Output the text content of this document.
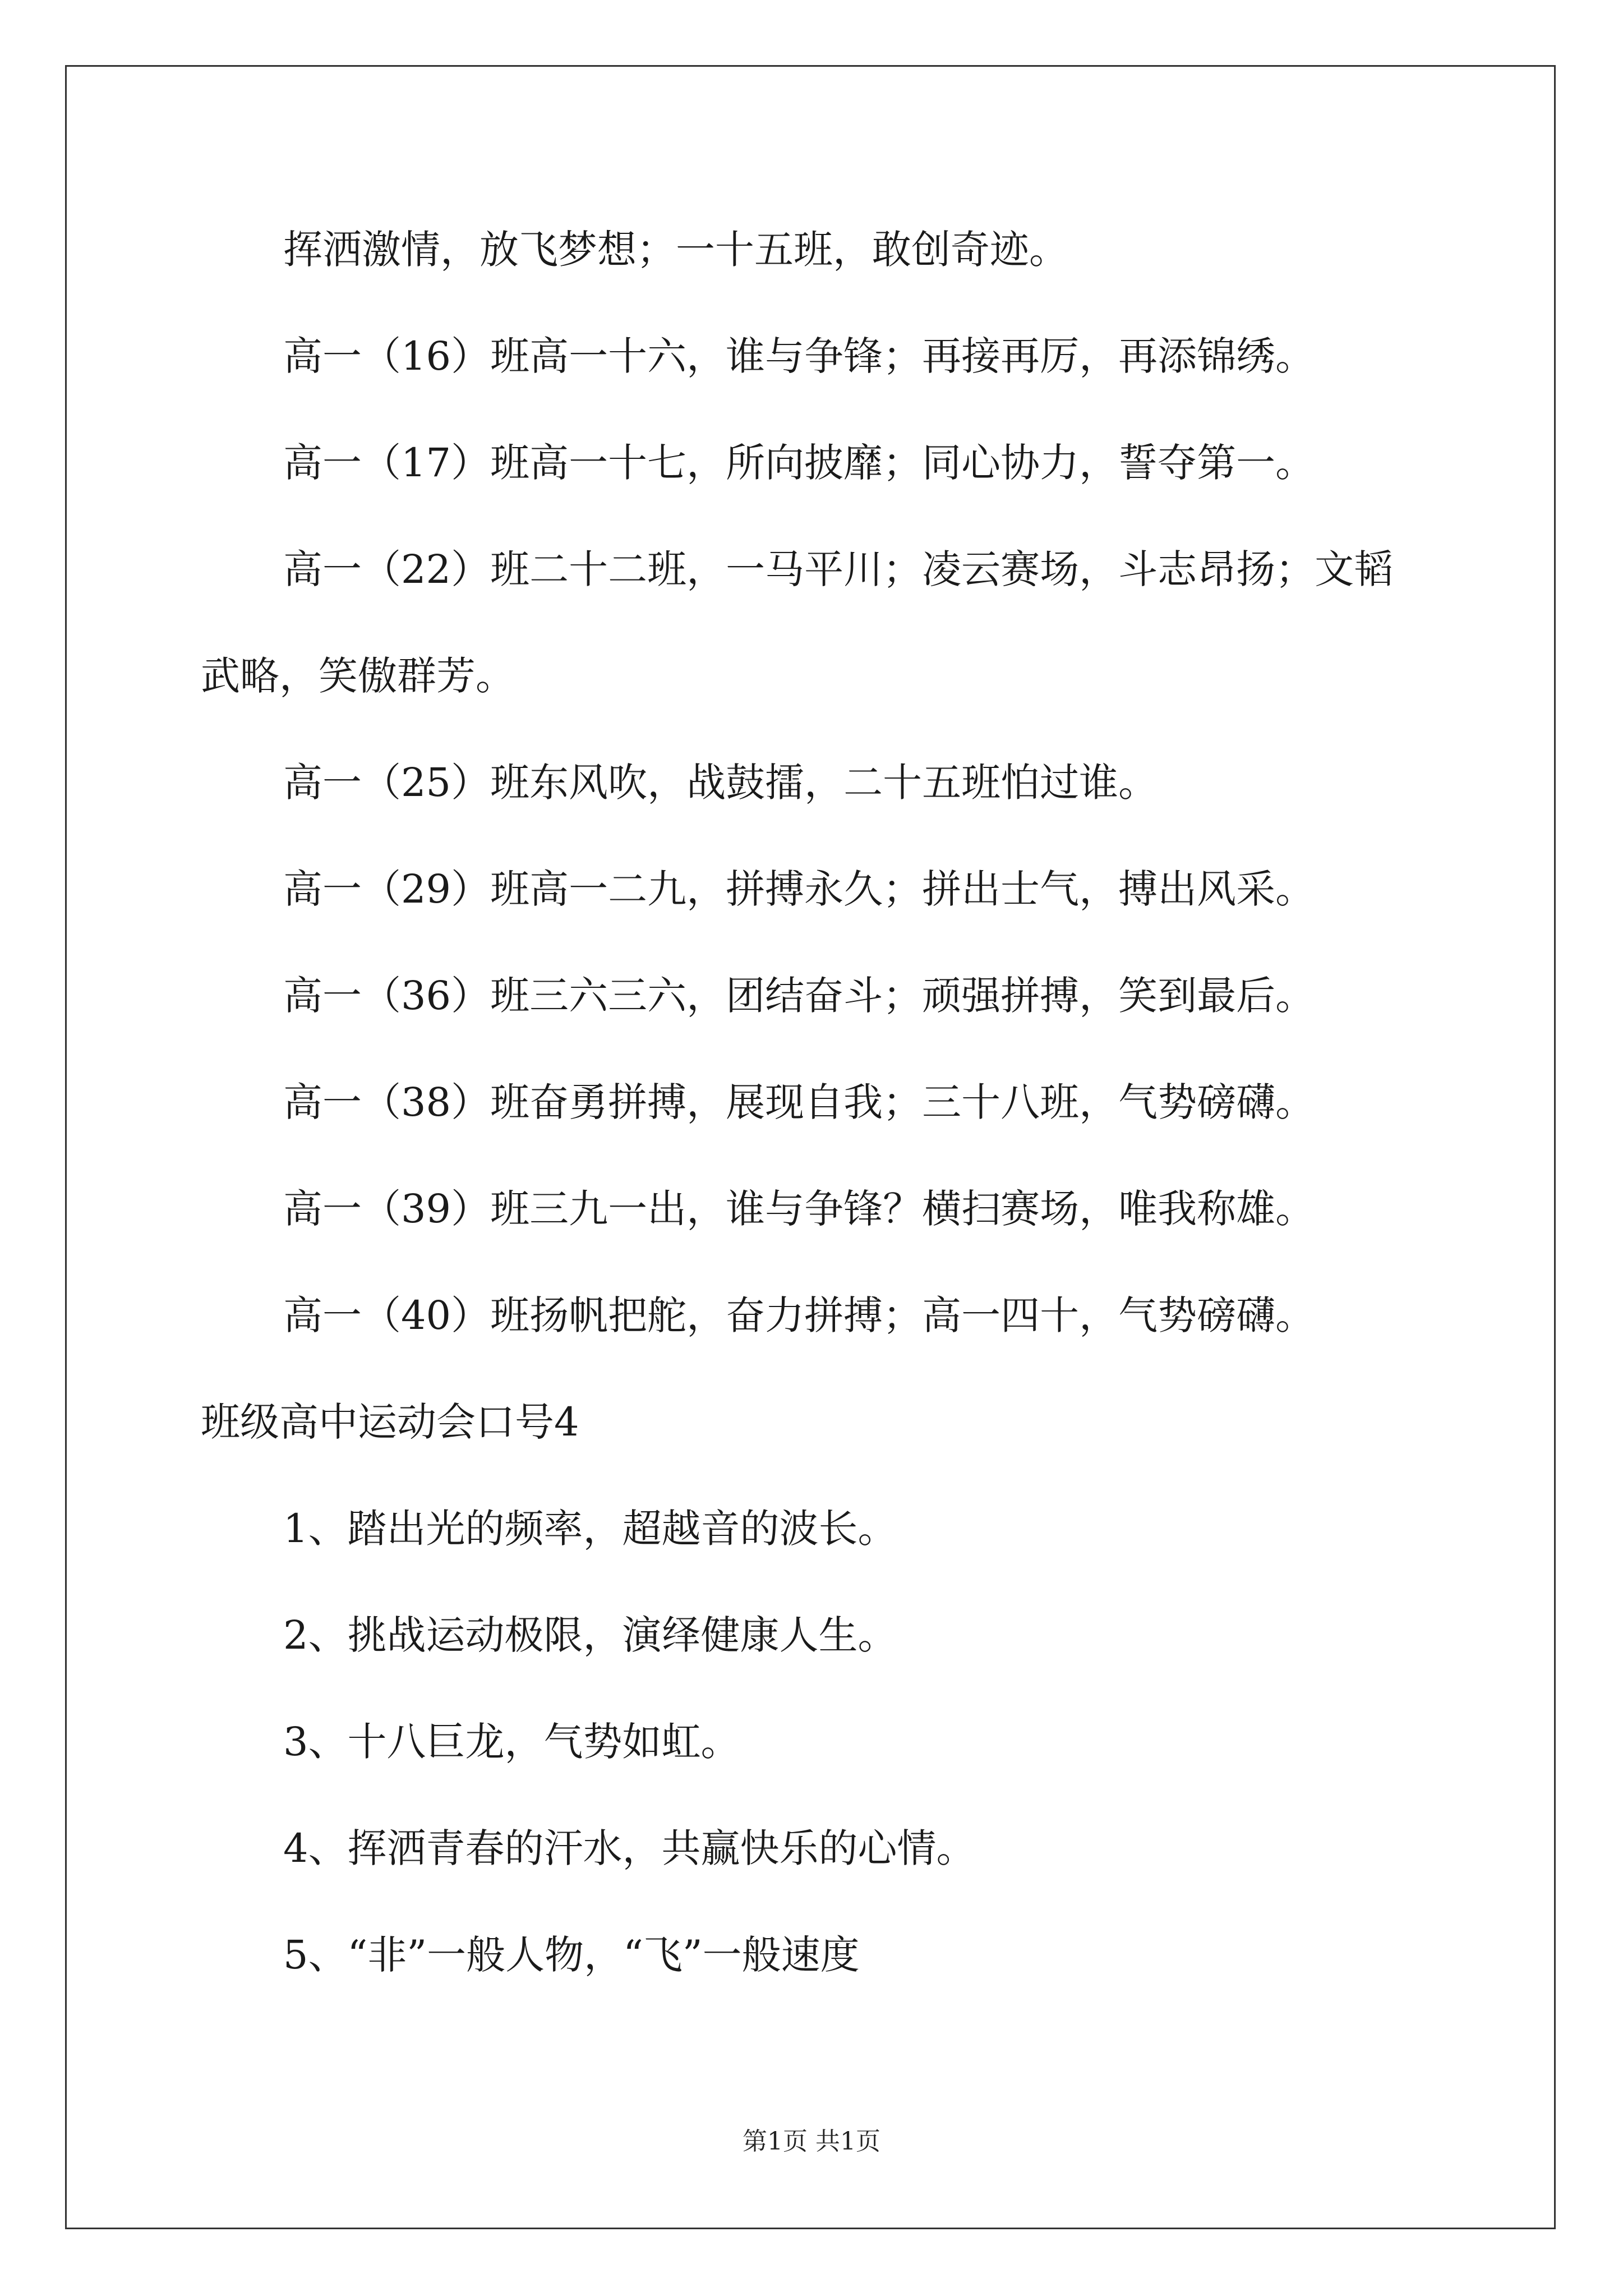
挥洒激情，放飞梦想；一十五班，敢创奇迹。
高一（16）班高一十六，谁与争锋；再接再厉，再添锦绣。
高一（17）班高一十七，所向披靡；同心协力，誓夺第一。
高一（22）班二十二班，一马平川；凌云赛场，斗志昂扬；文韬
武略，笑傲群芳。
高一（25）班东风吹，战鼓擂，二十五班怕过谁。
高一（29）班高一二九，拼搏永久；拼出士气，搏出风采。
高一（36）班三六三六，团结奋斗；顽强拼搏，笑到最后。
高一（38）班奋勇拼搏，展现自我；三十八班，气势磅礴。
高一（39）班三九一出，谁与争锋？横扫赛场，唯我称雄。
高一（40）班扬帆把舵，奋力拼搏；高一四十，气势磅礴。
班级高中运动会口号4
1、踏出光的频率，超越音的波长。
2、挑战运动极限，演绎健康人生。
3、十八巨龙，气势如虹。
4、挥洒青春的汗水，共赢快乐的心情。
5、“非”一般人物，“飞”一般速度
第1页 共1页
